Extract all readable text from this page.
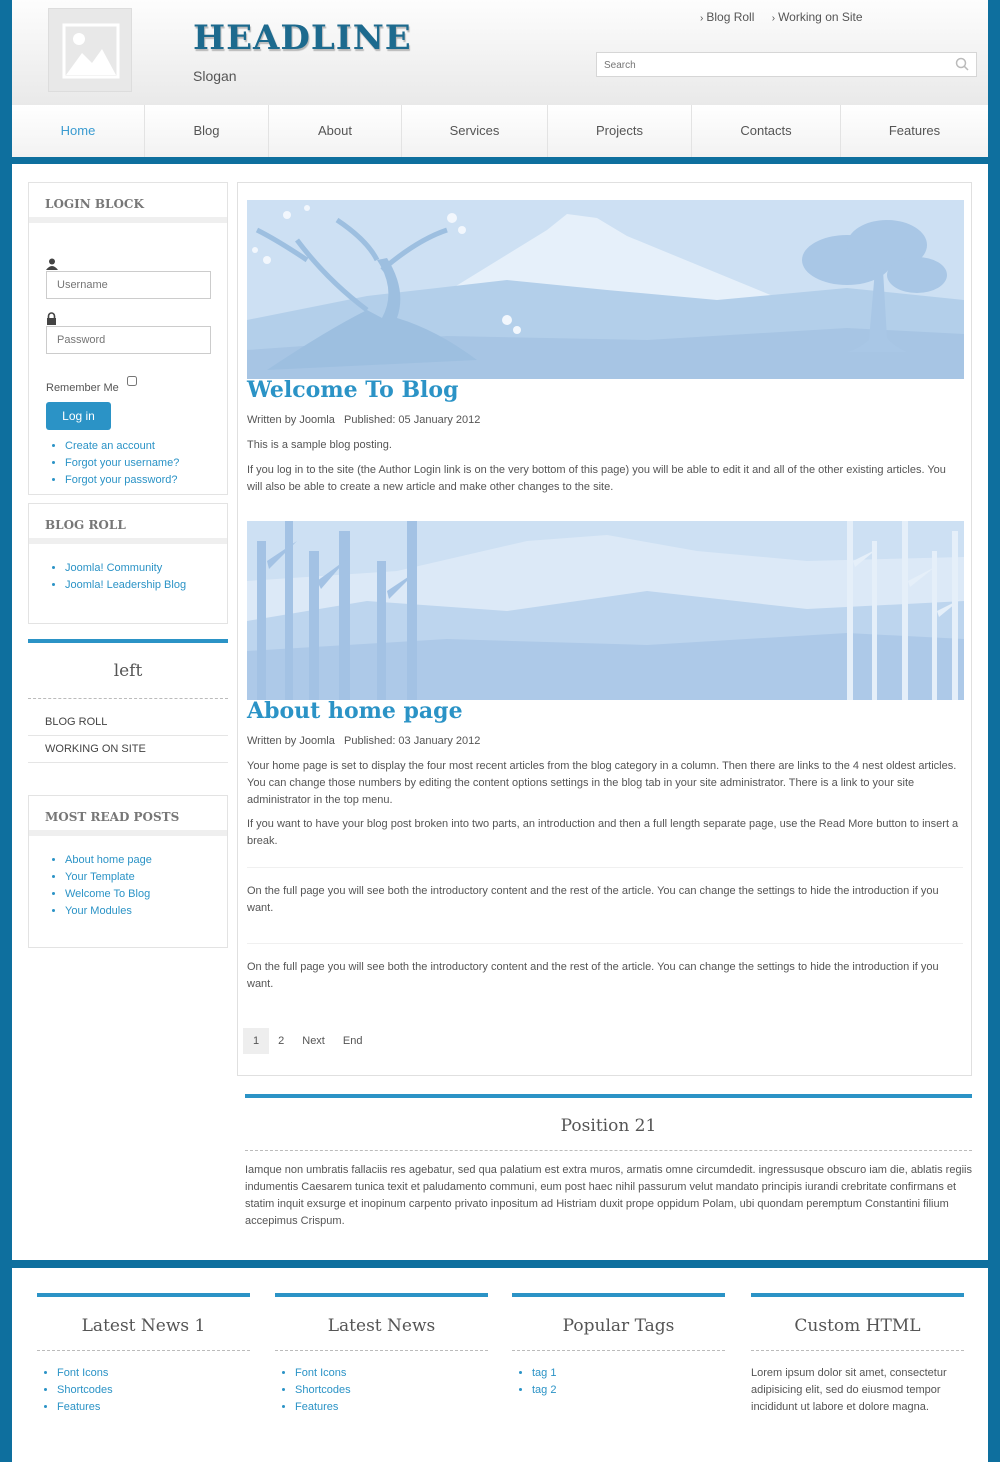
HEADLINE
Slogan
› Blog Roll › Working on Site
Search
Home	Blog	About	Services	Projects	Contacts	Features
LOGIN BLOCK
Username
Password
Remember Me
Log in
• Create an account
• Forgot your username?
• Forgot your password?
BLOG ROLL
• Joomla! Community
• Joomla! Leadership Blog
left
BLOG ROLL
WORKING ON SITE
MOST READ POSTS
• About home page
• Your Template
• Welcome To Blog
• Your Modules
Welcome To Blog
Written by Joomla Published: 05 January 2012
This is a sample blog posting.
If you log in to the site (the Author Login link is on the very bottom of this page) you will be able to edit it and all of the other existing articles. You will also be able to create a new article and make other changes to the site.
About home page
Written by Joomla Published: 03 January 2012
Your home page is set to display the four most recent articles from the blog category in a column. Then there are links to the 4 nest oldest articles. You can change those numbers by editing the content options settings in the blog tab in your site administrator. There is a link to your site administrator in the top menu.
If you want to have your blog post broken into two parts, an introduction and then a full length separate page, use the Read More button to insert a break.
On the full page you will see both the introductory content and the rest of the article. You can change the settings to hide the introduction if you want.
On the full page you will see both the introductory content and the rest of the article. You can change the settings to hide the introduction if you want.
1	2	Next	End
Position 21

Iamque non umbratis fallaciis res agebatur, sed qua palatium est extra muros, armatis omne circumdedit. ingressusque obscuro iam die, ablatis regiis indumentis Caesarem tunica texit et paludamento communi, eum post haec nihil passurum velut mandato principis iurandi crebritate confirmans et statim inquit exsurge et inopinum carpento privato inpositum ad Histriam duxit prope oppidum Polam, ubi quondam peremptum Constantini filium accepimus Crispum.

Latest News 1
• Font Icons
• Shortcodes
• Features
Latest News
• Font Icons
• Shortcodes
• Features
Popular Tags
• tag 1
• tag 2
Custom HTML

Lorem ipsum dolor sit amet, consectetur adipisicing elit, sed do eiusmod tempor incididunt ut labore et dolore magna.
